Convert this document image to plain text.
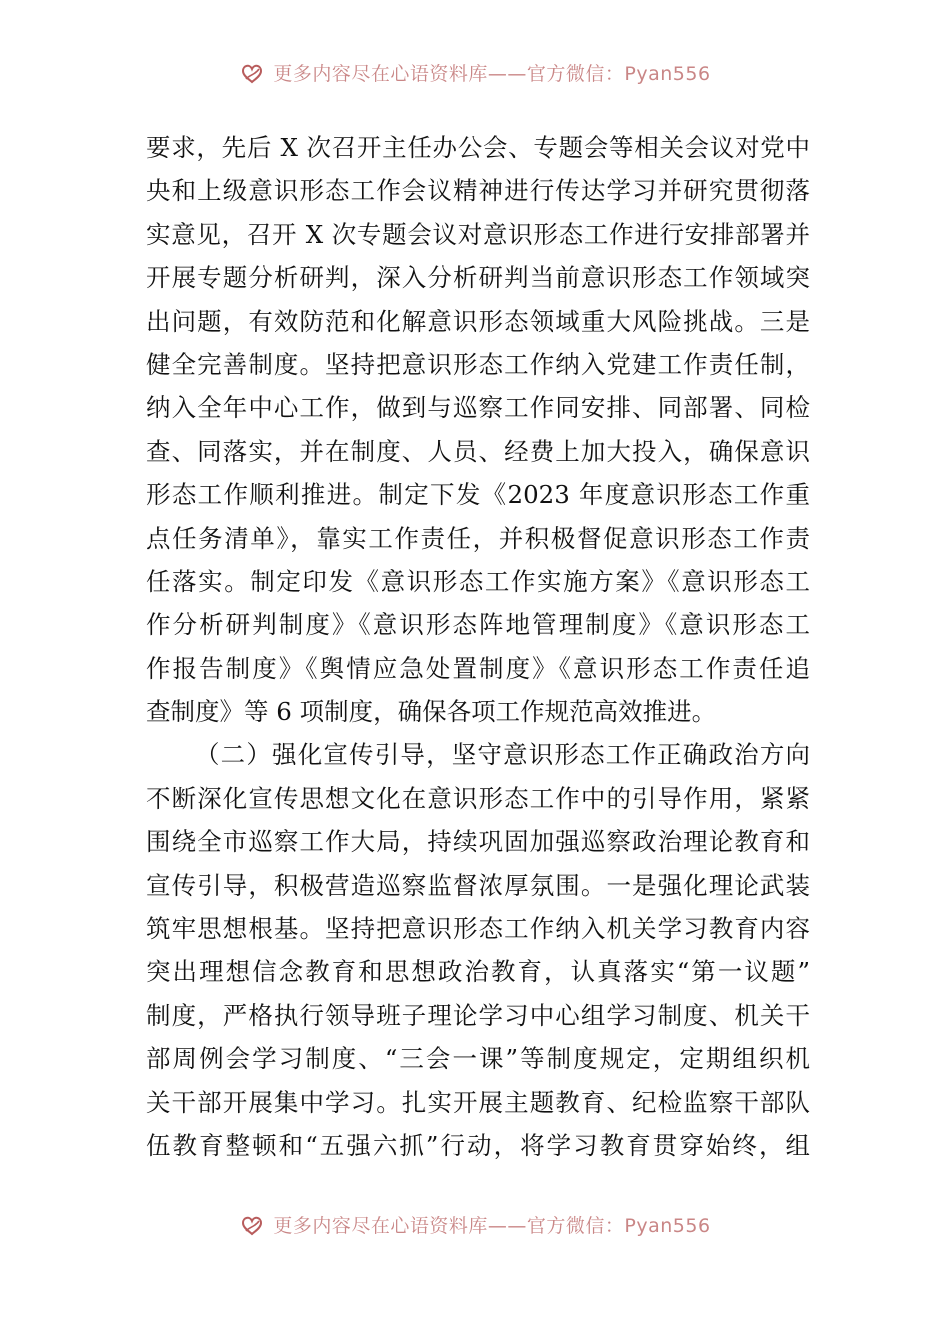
更多内容尽在心语资料库——官方微信：Pyan556
要求，先后 X 次召开主任办公会、专题会等相关会议对党中
央和上级意识形态工作会议精神进行传达学习并研究贯彻落
实意见，召开 X 次专题会议对意识形态工作进行安排部署并
开展专题分析研判，深入分析研判当前意识形态工作领域突
出问题，有效防范和化解意识形态领域重大风险挑战。三是
健全完善制度。坚持把意识形态工作纳入党建工作责任制，
纳入全年中心工作，做到与巡察工作同安排、同部署、同检
查、同落实，并在制度、人员、经费上加大投入，确保意识
形态工作顺利推进。制定下发《2023 年度意识形态工作重
点任务清单》，靠实工作责任，并积极督促意识形态工作责
任落实。制定印发《意识形态工作实施方案》《意识形态工
作分析研判制度》《意识形态阵地管理制度》《意识形态工
作报告制度》《舆情应急处置制度》《意识形态工作责任追
查制度》等 6 项制度，确保各项工作规范高效推进。
（二）强化宣传引导，坚守意识形态工作正确政治方向
不断深化宣传思想文化在意识形态工作中的引导作用，紧紧
围绕全市巡察工作大局，持续巩固加强巡察政治理论教育和
宣传引导，积极营造巡察监督浓厚氛围。一是强化理论武装
筑牢思想根基。坚持把意识形态工作纳入机关学习教育内容
突出理想信念教育和思想政治教育，认真落实“第一议题”
制度，严格执行领导班子理论学习中心组学习制度、机关干
部周例会学习制度、“三会一课”等制度规定，定期组织机
关干部开展集中学习。扎实开展主题教育、纪检监察干部队
伍教育整顿和“五强六抓”行动，将学习教育贯穿始终，组
更多内容尽在心语资料库——官方微信：Pyan556
